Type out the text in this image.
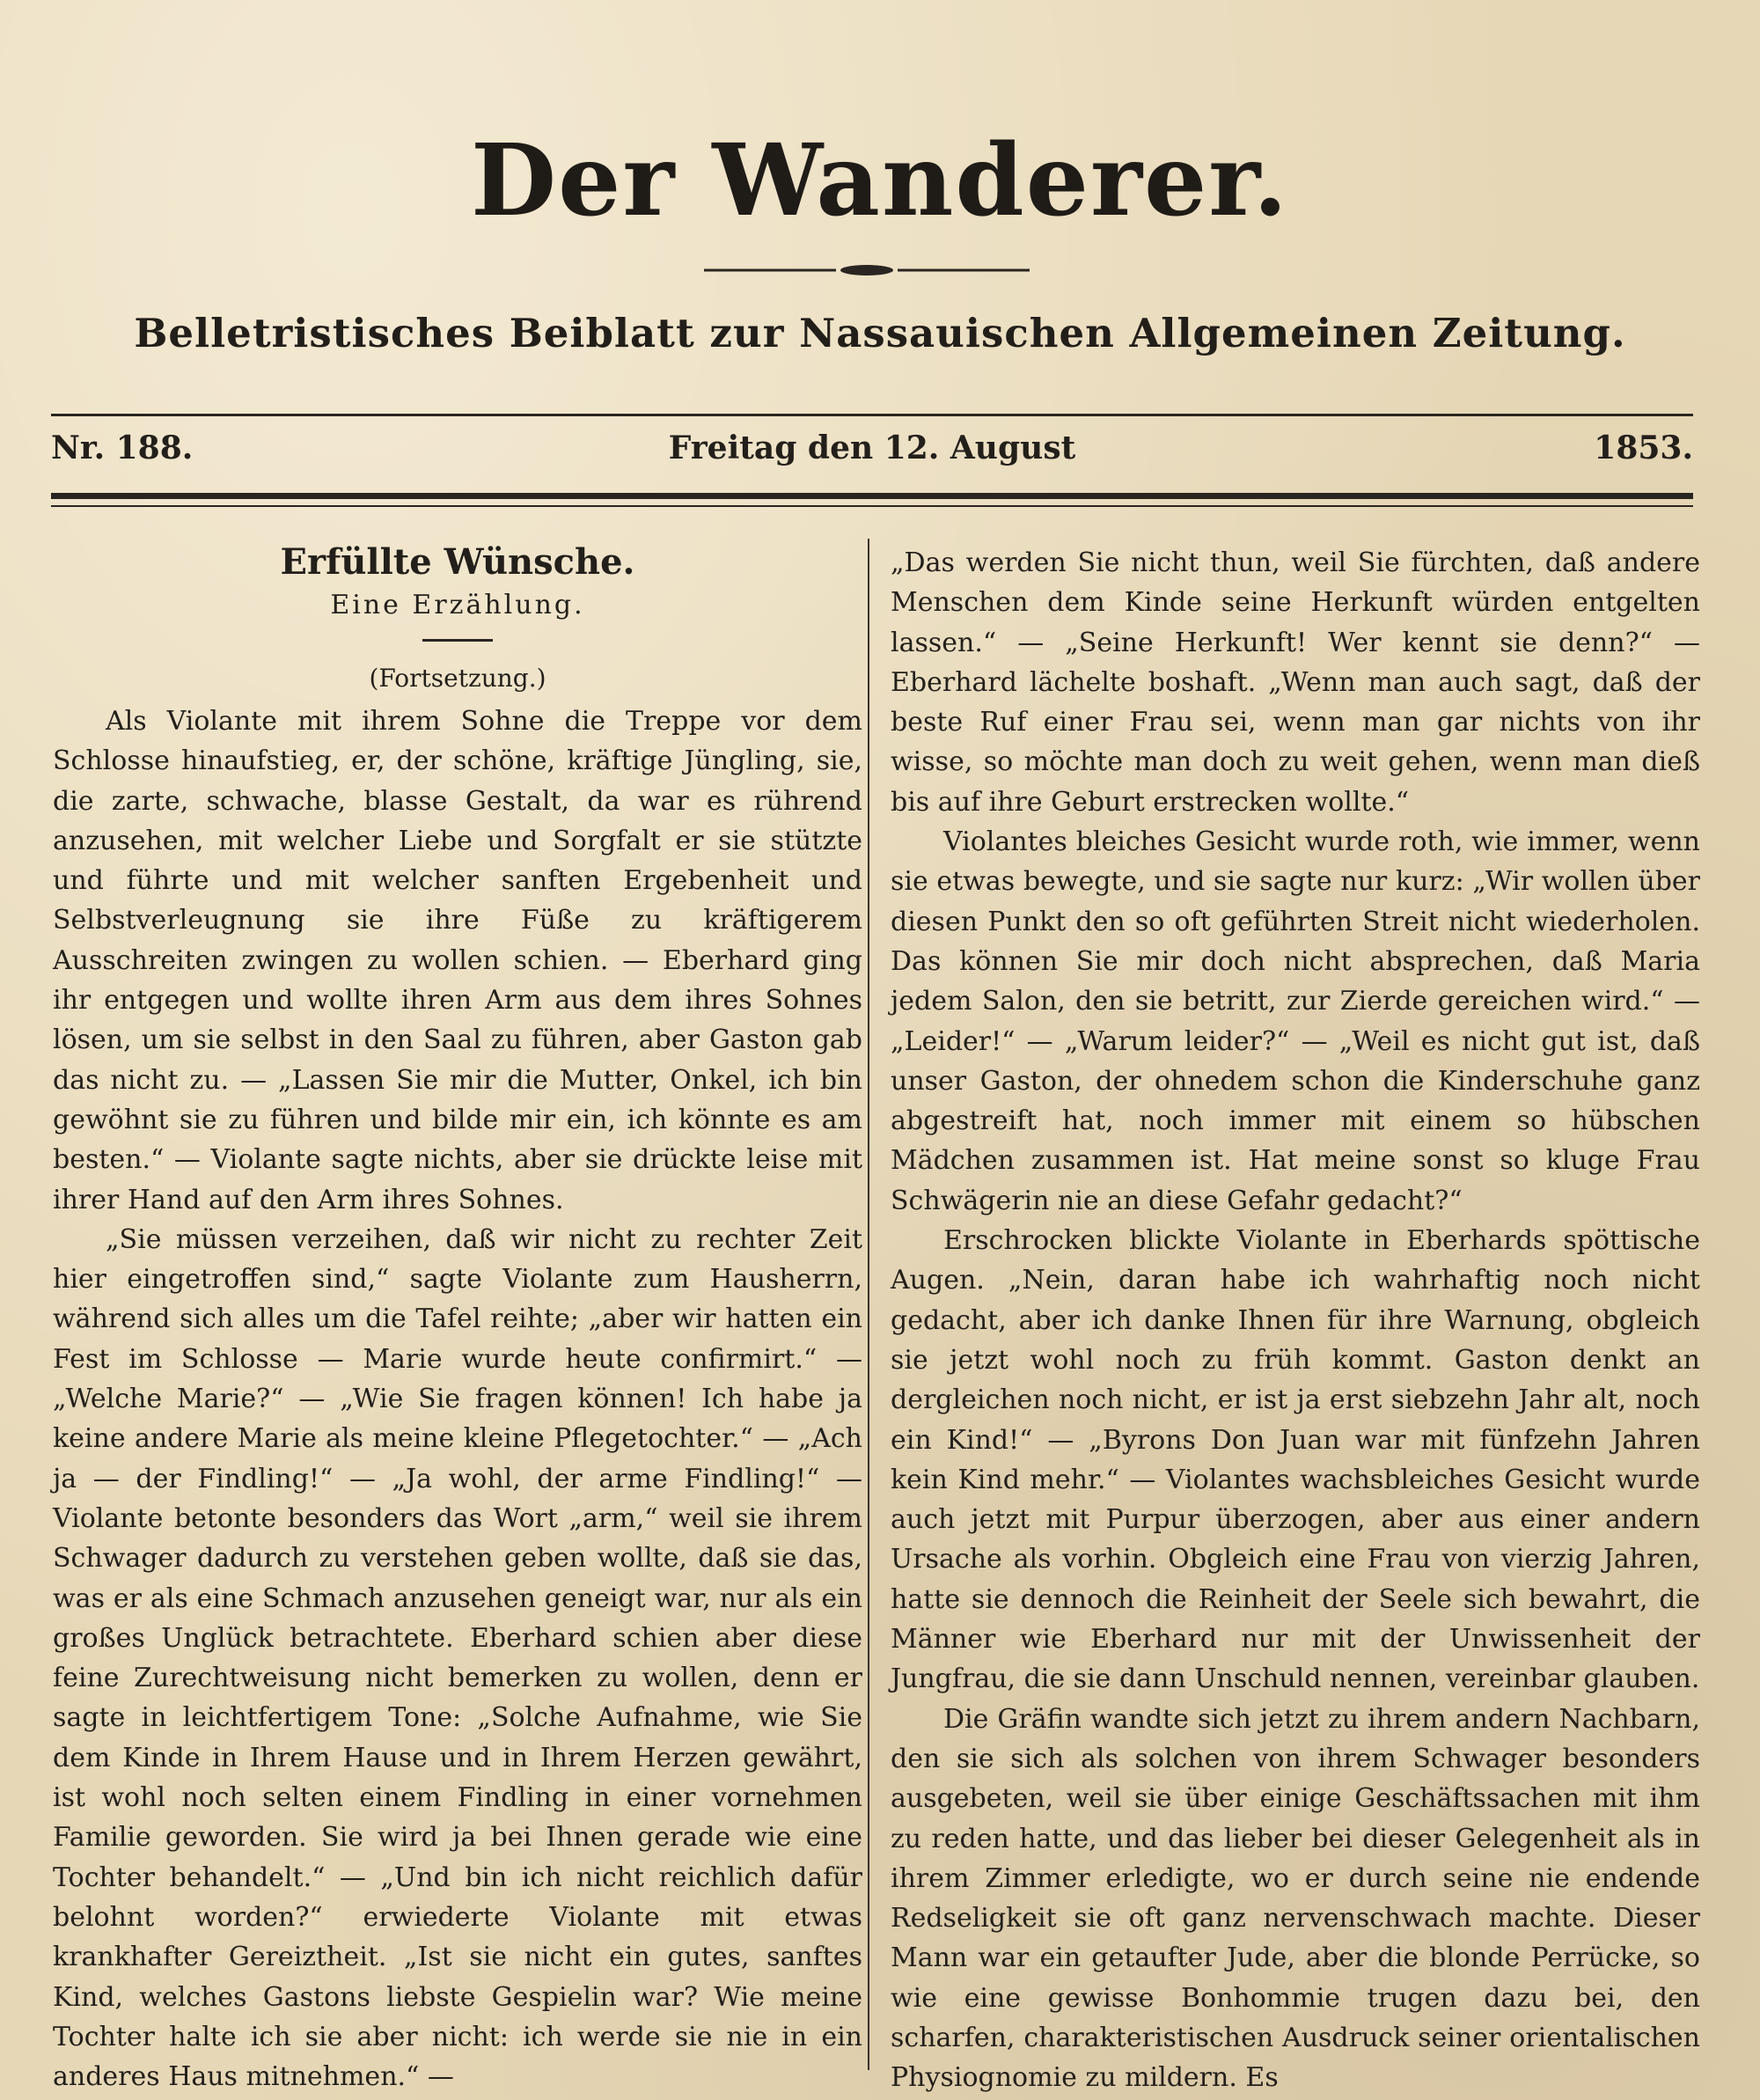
Der Wanderer.
Belletristisches Beiblatt zur Nassauischen Allgemeinen Zeitung.
Nr. 188.	Freitag den 12. August	1853.
Erfüllte Wünsche.
Eine Erzählung.
(Fortsetzung.)

Als Violante mit ihrem Sohne die Treppe vor dem Schlosse hinaufstieg, er, der schöne, kräftige Jüngling, sie, die zarte, schwache, blasse Gestalt, da war es rührend anzusehen, mit welcher Liebe und Sorgfalt er sie stützte und führte und mit welcher sanften Ergebenheit und Selbstverleugnung sie ihre Füße zu kräftigerem Ausschreiten zwingen zu wollen schien. — Eberhard ging ihr entgegen und wollte ihren Arm aus dem ihres Sohnes lösen, um sie selbst in den Saal zu führen, aber Gaston gab das nicht zu. — „Lassen Sie mir die Mutter, Onkel, ich bin gewöhnt sie zu führen und bilde mir ein, ich könnte es am besten.“ — Violante sagte nichts, aber sie drückte leise mit ihrer Hand auf den Arm ihres Sohnes.

„Sie müssen verzeihen, daß wir nicht zu rechter Zeit hier eingetroffen sind,“ sagte Violante zum Hausherrn, während sich alles um die Tafel reihte; „aber wir hatten ein Fest im Schlosse — Marie wurde heute confirmirt.“ — „Welche Marie?“ — „Wie Sie fragen können! Ich habe ja keine andere Marie als meine kleine Pflegetochter.“ — „Ach ja — der Findling!“ — „Ja wohl, der arme Findling!“ — Violante betonte besonders das Wort „arm,“ weil sie ihrem Schwager dadurch zu verstehen geben wollte, daß sie das, was er als eine Schmach anzusehen geneigt war, nur als ein großes Unglück betrachtete. Eberhard schien aber diese feine Zurechtweisung nicht bemerken zu wollen, denn er sagte in leichtfertigem Tone: „Solche Aufnahme, wie Sie dem Kinde in Ihrem Hause und in Ihrem Herzen gewährt, ist wohl noch selten einem Findling in einer vornehmen Familie geworden. Sie wird ja bei Ihnen gerade wie eine Tochter behandelt.“ — „Und bin ich nicht reichlich dafür belohnt worden?“ erwiederte Violante mit etwas krankhafter Gereiztheit. „Ist sie nicht ein gutes, sanftes Kind, welches Gastons liebste Gespielin war? Wie meine Tochter halte ich sie aber nicht: ich werde sie nie in ein anderes Haus mitnehmen.“ —

„Das werden Sie nicht thun, weil Sie fürchten, daß andere Menschen dem Kinde seine Herkunft würden entgelten lassen.“ — „Seine Herkunft! Wer kennt sie denn?“ — Eberhard lächelte boshaft. „Wenn man auch sagt, daß der beste Ruf einer Frau sei, wenn man gar nichts von ihr wisse, so möchte man doch zu weit gehen, wenn man dieß bis auf ihre Geburt erstrecken wollte.“

Violantes bleiches Gesicht wurde roth, wie immer, wenn sie etwas bewegte, und sie sagte nur kurz: „Wir wollen über diesen Punkt den so oft geführten Streit nicht wiederholen. Das können Sie mir doch nicht absprechen, daß Maria jedem Salon, den sie betritt, zur Zierde gereichen wird.“ — „Leider!“ — „Warum leider?“ — „Weil es nicht gut ist, daß unser Gaston, der ohnedem schon die Kinderschuhe ganz abgestreift hat, noch immer mit einem so hübschen Mädchen zusammen ist. Hat meine sonst so kluge Frau Schwägerin nie an diese Gefahr gedacht?“

Erschrocken blickte Violante in Eberhards spöttische Augen. „Nein, daran habe ich wahrhaftig noch nicht gedacht, aber ich danke Ihnen für ihre Warnung, obgleich sie jetzt wohl noch zu früh kommt. Gaston denkt an dergleichen noch nicht, er ist ja erst siebzehn Jahr alt, noch ein Kind!“ — „Byrons Don Juan war mit fünfzehn Jahren kein Kind mehr.“ — Violantes wachsbleiches Gesicht wurde auch jetzt mit Purpur überzogen, aber aus einer andern Ursache als vorhin. Obgleich eine Frau von vierzig Jahren, hatte sie dennoch die Reinheit der Seele sich bewahrt, die Männer wie Eberhard nur mit der Unwissenheit der Jungfrau, die sie dann Unschuld nennen, vereinbar glauben.

Die Gräfin wandte sich jetzt zu ihrem andern Nachbarn, den sie sich als solchen von ihrem Schwager besonders ausgebeten, weil sie über einige Geschäftssachen mit ihm zu reden hatte, und das lieber bei dieser Gelegenheit als in ihrem Zimmer erledigte, wo er durch seine nie endende Redseligkeit sie oft ganz nervenschwach machte. Dieser Mann war ein getaufter Jude, aber die blonde Perrücke, so wie eine gewisse Bonhommie trugen dazu bei, den scharfen, charakteristischen Ausdruck seiner orientalischen Physiognomie zu mildern. Es
